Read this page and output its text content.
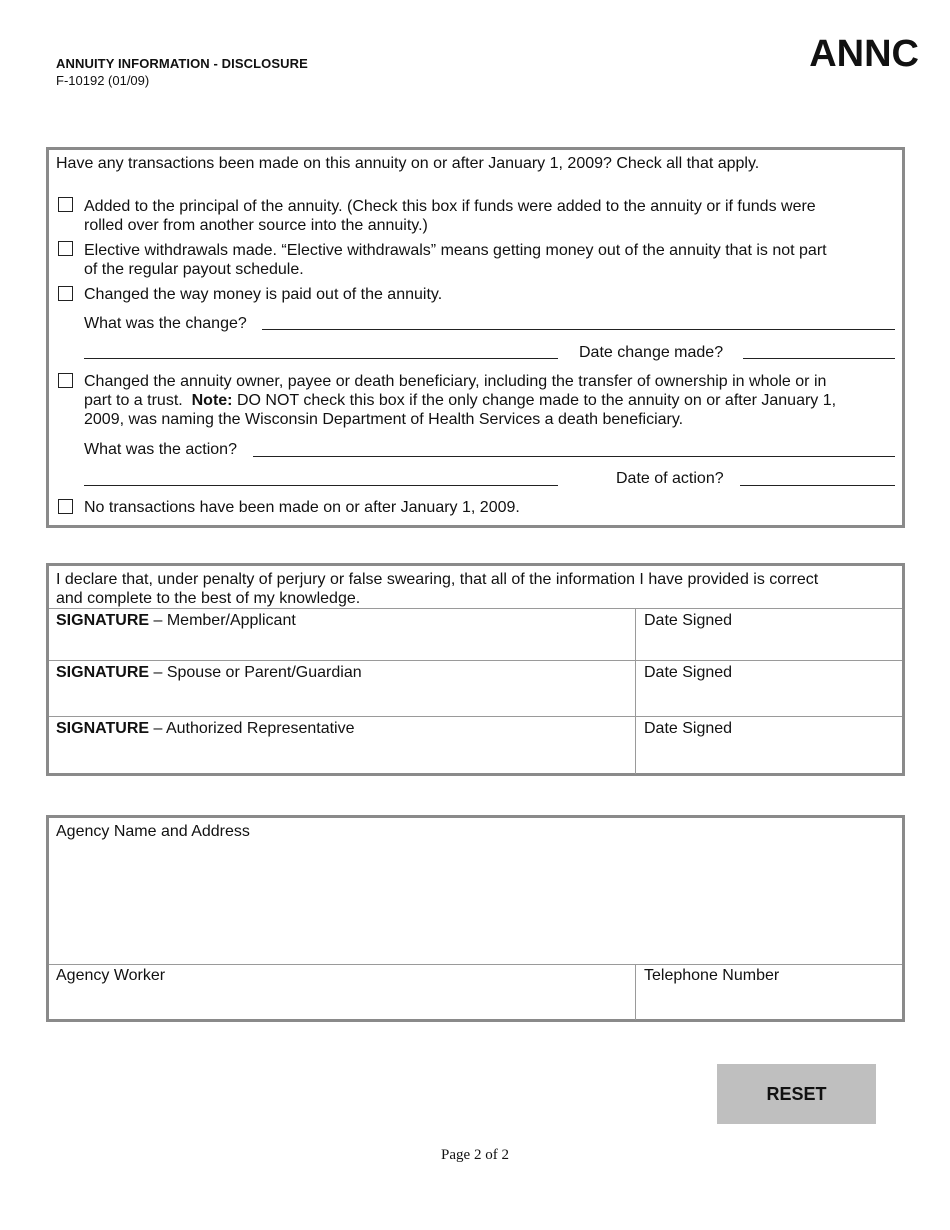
ANNUITY INFORMATION - DISCLOSURE
F-10192 (01/09)
ANNC
Have any transactions been made on this annuity on or after January 1, 2009? Check all that apply.
Added to the principal of the annuity. (Check this box if funds were added to the annuity or if funds were
rolled over from another source into the annuity.)
Elective withdrawals made. “Elective withdrawals” means getting money out of the annuity that is not part
of the regular payout schedule.
Changed the way money is paid out of the annuity.
What was the change?
Date change made?
Changed the annuity owner, payee or death beneficiary, including the transfer of ownership in whole or in
part to a trust.  Note: DO NOT check this box if the only change made to the annuity on or after January 1,
2009, was naming the Wisconsin Department of Health Services a death beneficiary.
What was the action?
Date of action?
No transactions have been made on or after January 1, 2009.
I declare that, under penalty of perjury or false swearing, that all of the information I have provided is correct
and complete to the best of my knowledge.
SIGNATURE – Member/Applicant	Date Signed
SIGNATURE – Spouse or Parent/Guardian	Date Signed
SIGNATURE – Authorized Representative	Date Signed
Agency Name and Address
Agency Worker	Telephone Number
RESET
Page 2 of 2
